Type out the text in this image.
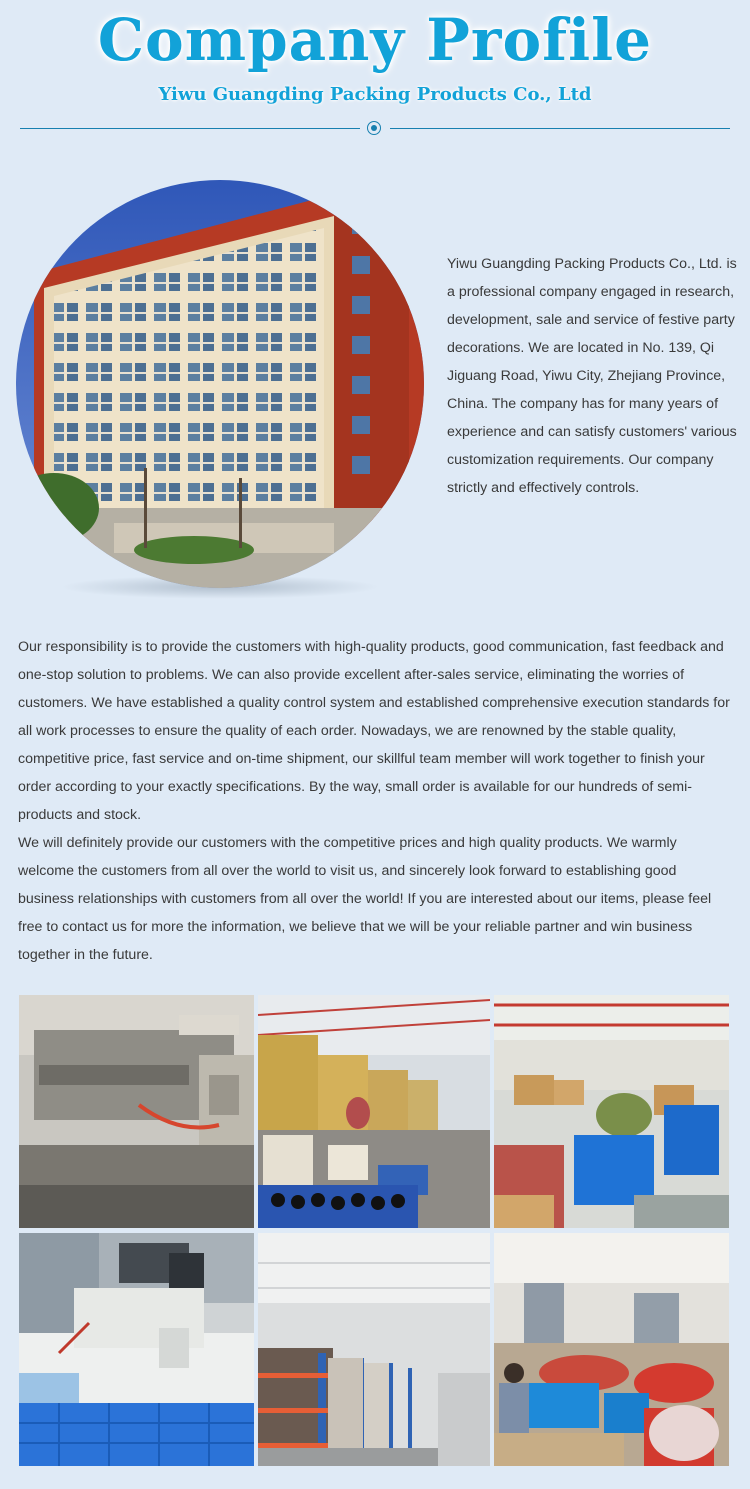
Company Profile
Yiwu Guangding Packing Products Co., Ltd
Yiwu Guangding Packing Products Co., Ltd. is a professional company engaged in research, development, sale and service of festive party decorations. We are located in No. 139, Qi Jiguang Road, Yiwu City, Zhejiang Province, China. The company has for many years of experience and can satisfy customers' various customization requirements. Our company strictly and effectively controls.

Our responsibility is to provide the customers with high-quality products, good communication, fast feedback and one-stop solution to problems. We can also provide excellent after-sales service, eliminating the worries of customers. We have established a quality control system and established comprehensive execution standards for all work processes to ensure the quality of each order. Nowadays, we are renowned by the stable quality, competitive price, fast service and on-time shipment, our skillful team member will work together to finish your order according to your exactly specifications. By the way, small order is available for our hundreds of semi-products and stock.

We will definitely provide our customers with the competitive prices and high quality products. We warmly welcome the customers from all over the world to visit us, and sincerely look forward to establishing good business relationships with customers from all over the world! If you are interested about our items, please feel free to contact us for more the information, we believe that we will be your reliable partner and win business together in the future.
